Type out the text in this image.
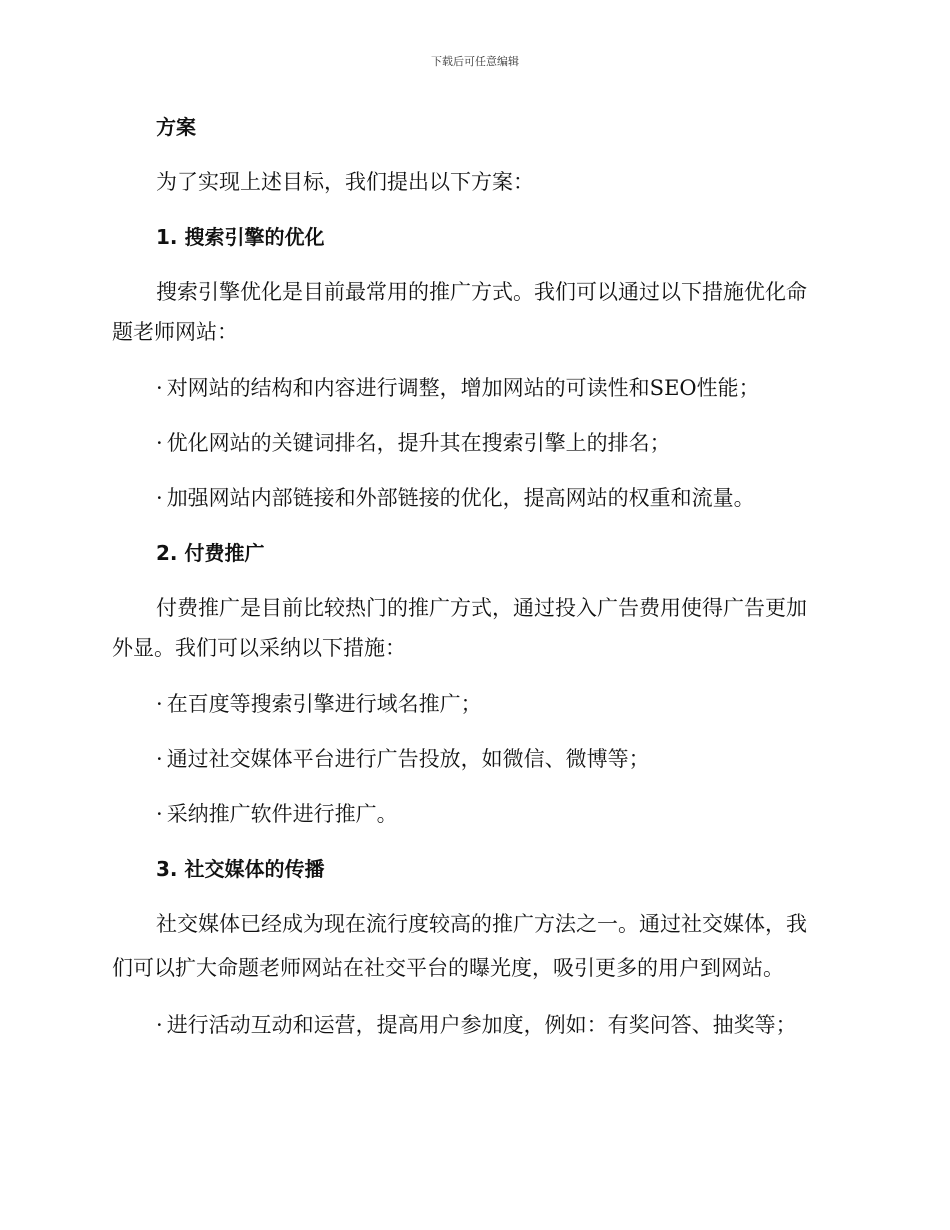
下载后可任意编辑
方案
为了实现上述目标，我们提出以下方案：
1. 搜索引擎的优化
搜索引擎优化是目前最常用的推广方式。我们可以通过以下措施优化命
题老师网站：
· 对网站的结构和内容进行调整，增加网站的可读性和SEO性能；
· 优化网站的关键词排名，提升其在搜索引擎上的排名；
· 加强网站内部链接和外部链接的优化，提高网站的权重和流量。
2. 付费推广
付费推广是目前比较热门的推广方式，通过投入广告费用使得广告更加
外显。我们可以采纳以下措施：
· 在百度等搜索引擎进行域名推广；
· 通过社交媒体平台进行广告投放，如微信、微博等；
· 采纳推广软件进行推广。
3. 社交媒体的传播
社交媒体已经成为现在流行度较高的推广方法之一。通过社交媒体，我
们可以扩大命题老师网站在社交平台的曝光度，吸引更多的用户到网站。
· 进行活动互动和运营，提高用户参加度，例如：有奖问答、抽奖等；
